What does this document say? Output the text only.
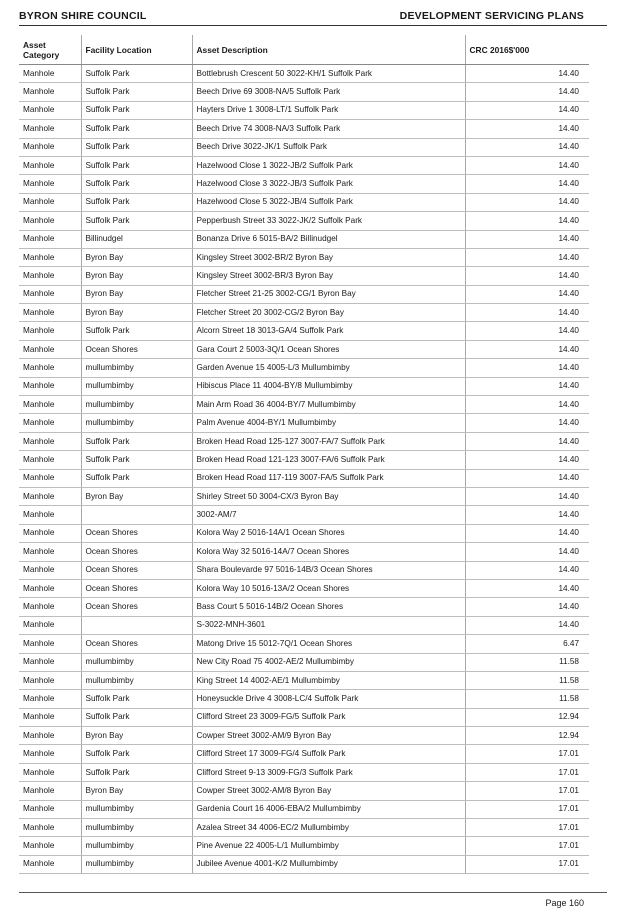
BYRON SHIRE COUNCIL	DEVELOPMENT SERVICING PLANS
Asset Category	Facility Location	Asset Description	CRC 2016$'000
Manhole	Suffolk Park	Bottlebrush Crescent 50 3022-KH/1 Suffolk Park	14.40
Manhole	Suffolk Park	Beech Drive 69 3008-NA/5 Suffolk Park	14.40
Manhole	Suffolk Park	Hayters Drive 1 3008-LT/1 Suffolk Park	14.40
Manhole	Suffolk Park	Beech Drive 74 3008-NA/3 Suffolk Park	14.40
Manhole	Suffolk Park	Beech Drive 3022-JK/1 Suffolk Park	14.40
Manhole	Suffolk Park	Hazelwood Close 1 3022-JB/2 Suffolk Park	14.40
Manhole	Suffolk Park	Hazelwood Close 3 3022-JB/3 Suffolk Park	14.40
Manhole	Suffolk Park	Hazelwood Close 5 3022-JB/4 Suffolk Park	14.40
Manhole	Suffolk Park	Pepperbush Street 33 3022-JK/2 Suffolk Park	14.40
Manhole	Billinudgel	Bonanza Drive 6 5015-BA/2 Billinudgel	14.40
Manhole	Byron Bay	Kingsley Street 3002-BR/2 Byron Bay	14.40
Manhole	Byron Bay	Kingsley Street 3002-BR/3 Byron Bay	14.40
Manhole	Byron Bay	Fletcher Street 21-25 3002-CG/1 Byron Bay	14.40
Manhole	Byron Bay	Fletcher Street 20 3002-CG/2 Byron Bay	14.40
Manhole	Suffolk Park	Alcorn Street 18 3013-GA/4 Suffolk Park	14.40
Manhole	Ocean Shores	Gara Court 2 5003-3Q/1 Ocean Shores	14.40
Manhole	mullumbimby	Garden Avenue 15 4005-L/3 Mullumbimby	14.40
Manhole	mullumbimby	Hibiscus Place 11 4004-BY/8 Mullumbimby	14.40
Manhole	mullumbimby	Main Arm Road 36 4004-BY/7 Mullumbimby	14.40
Manhole	mullumbimby	Palm Avenue 4004-BY/1 Mullumbimby	14.40
Manhole	Suffolk Park	Broken Head Road 125-127 3007-FA/7 Suffolk Park	14.40
Manhole	Suffolk Park	Broken Head Road 121-123 3007-FA/6 Suffolk Park	14.40
Manhole	Suffolk Park	Broken Head Road 117-119 3007-FA/5 Suffolk Park	14.40
Manhole	Byron Bay	Shirley Street 50 3004-CX/3 Byron Bay	14.40
Manhole		3002-AM/7	14.40
Manhole	Ocean Shores	Kolora Way 2 5016-14A/1 Ocean Shores	14.40
Manhole	Ocean Shores	Kolora Way 32 5016-14A/7 Ocean Shores	14.40
Manhole	Ocean Shores	Shara Boulevarde 97 5016-14B/3 Ocean Shores	14.40
Manhole	Ocean Shores	Kolora Way 10 5016-13A/2 Ocean Shores	14.40
Manhole	Ocean Shores	Bass Court 5 5016-14B/2 Ocean Shores	14.40
Manhole		S-3022-MNH-3601	14.40
Manhole	Ocean Shores	Matong Drive 15 5012-7Q/1 Ocean Shores	6.47
Manhole	mullumbimby	New City Road 75 4002-AE/2 Mullumbimby	11.58
Manhole	mullumbimby	King Street 14 4002-AE/1 Mullumbimby	11.58
Manhole	Suffolk Park	Honeysuckle Drive 4 3008-LC/4 Suffolk Park	11.58
Manhole	Suffolk Park	Clifford Street 23 3009-FG/5 Suffolk Park	12.94
Manhole	Byron Bay	Cowper Street 3002-AM/9 Byron Bay	12.94
Manhole	Suffolk Park	Clifford Street 17 3009-FG/4 Suffolk Park	17.01
Manhole	Suffolk Park	Clifford Street 9-13 3009-FG/3 Suffolk Park	17.01
Manhole	Byron Bay	Cowper Street 3002-AM/8 Byron Bay	17.01
Manhole	mullumbimby	Gardenia Court 16 4006-EBA/2 Mullumbimby	17.01
Manhole	mullumbimby	Azalea Street 34 4006-EC/2 Mullumbimby	17.01
Manhole	mullumbimby	Pine Avenue 22 4005-L/1 Mullumbimby	17.01
Manhole	mullumbimby	Jubilee Avenue 4001-K/2 Mullumbimby	17.01
Page 160
